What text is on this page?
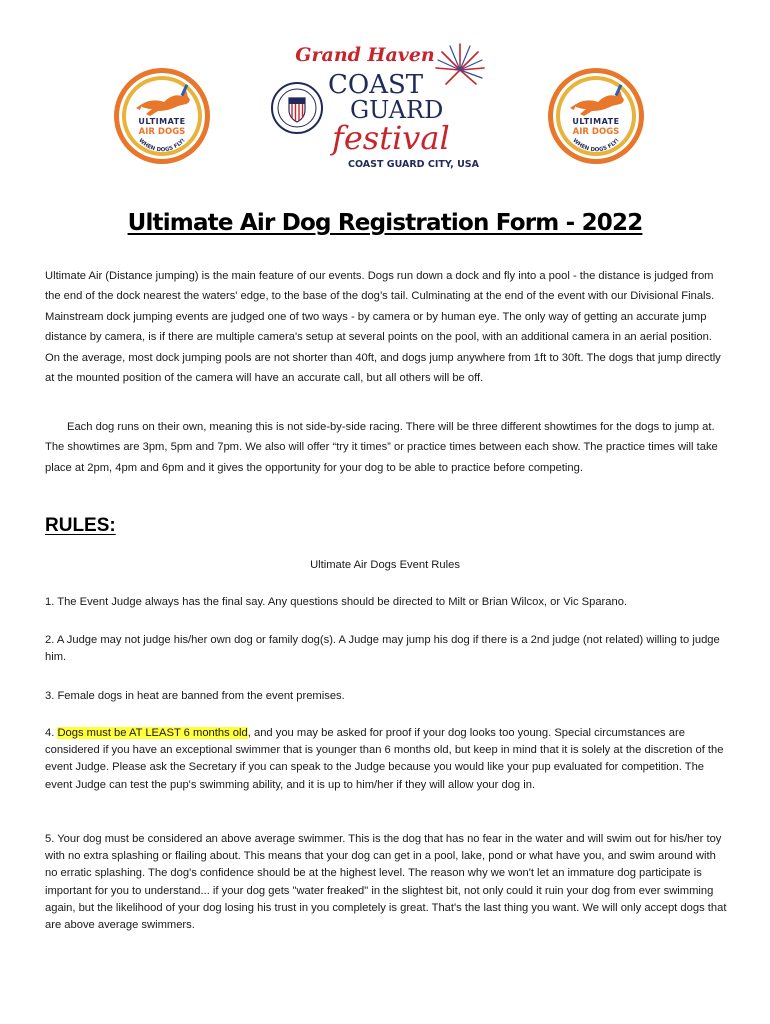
ULTIMATE
AIR DOGS
WHEN DOGS FLY!
Grand Haven
COAST
GUARD
festival
COAST GUARD CITY, USA
ULTIMATE
AIR DOGS
WHEN DOGS FLY!
Ultimate Air Dog Registration Form - 2022

Ultimate Air (Distance jumping) is the main feature of our events. Dogs run down a dock and fly into a pool - the distance is judged from the end of the dock nearest the waters' edge, to the base of the dog’s tail. Culminating at the end of the event with our Divisional Finals. Mainstream dock jumping events are judged one of two ways - by camera or by human eye. The only way of getting an accurate jump distance by camera, is if there are multiple camera's setup at several points on the pool, with an additional camera in an aerial position. On the average, most dock jumping pools are not shorter than 40ft, and dogs jump anywhere from 1ft to 30ft. The dogs that jump directly at the mounted position of the camera will have an accurate call, but all others will be off.

Each dog runs on their own, meaning this is not side-by-side racing. There will be three different showtimes for the dogs to jump at. The showtimes are 3pm, 5pm and 7pm. We also will offer “try it times” or practice times between each show. The practice times will take place at 2pm, 4pm and 6pm and it gives the opportunity for your dog to be able to practice before competing.

RULES:
Ultimate Air Dogs Event Rules

1. The Event Judge always has the final say. Any questions should be directed to Milt or Brian Wilcox, or Vic Sparano.

2. A Judge may not judge his/her own dog or family dog(s). A Judge may jump his dog if there is a 2nd judge (not related) willing to judge him.

3. Female dogs in heat are banned from the event premises.

4. Dogs must be AT LEAST 6 months old, and you may be asked for proof if your dog looks too young. Special circumstances are considered if you have an exceptional swimmer that is younger than 6 months old, but keep in mind that it is solely at the discretion of the event Judge. Please ask the Secretary if you can speak to the Judge because you would like your pup evaluated for competition. The event Judge can test the pup's swimming ability, and it is up to him/her if they will allow your dog in.

5. Your dog must be considered an above average swimmer. This is the dog that has no fear in the water and will swim out for his/her toy with no extra splashing or flailing about. This means that your dog can get in a pool, lake, pond or what have you, and swim around with no erratic splashing. The dog's confidence should be at the highest level. The reason why we won't let an immature dog participate is important for you to understand... if your dog gets "water freaked" in the slightest bit, not only could it ruin your dog from ever swimming again, but the likelihood of your dog losing his trust in you completely is great. That's the last thing you want. We will only accept dogs that are above average swimmers.
